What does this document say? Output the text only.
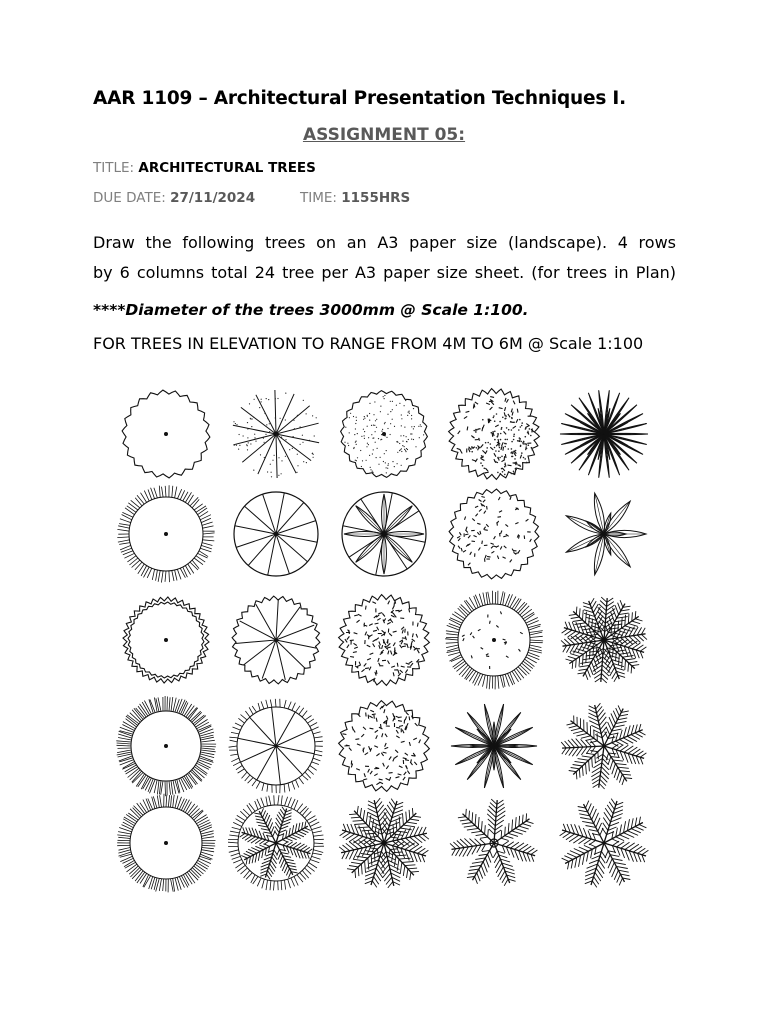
AAR 1109 – Architectural Presentation Techniques I.
ASSIGNMENT 05:
TITLE: ARCHITECTURAL TREES
DUE DATE: 27/11/2024	TIME: 1155HRS
Draw the following trees on an A3 paper size (landscape). 4 rows
by 6 columns total 24 tree per A3 paper size sheet. (for trees in Plan)
****Diameter of the trees 3000mm @ Scale 1:100.
FOR TREES IN ELEVATION TO RANGE FROM 4M TO 6M @ Scale 1:100
